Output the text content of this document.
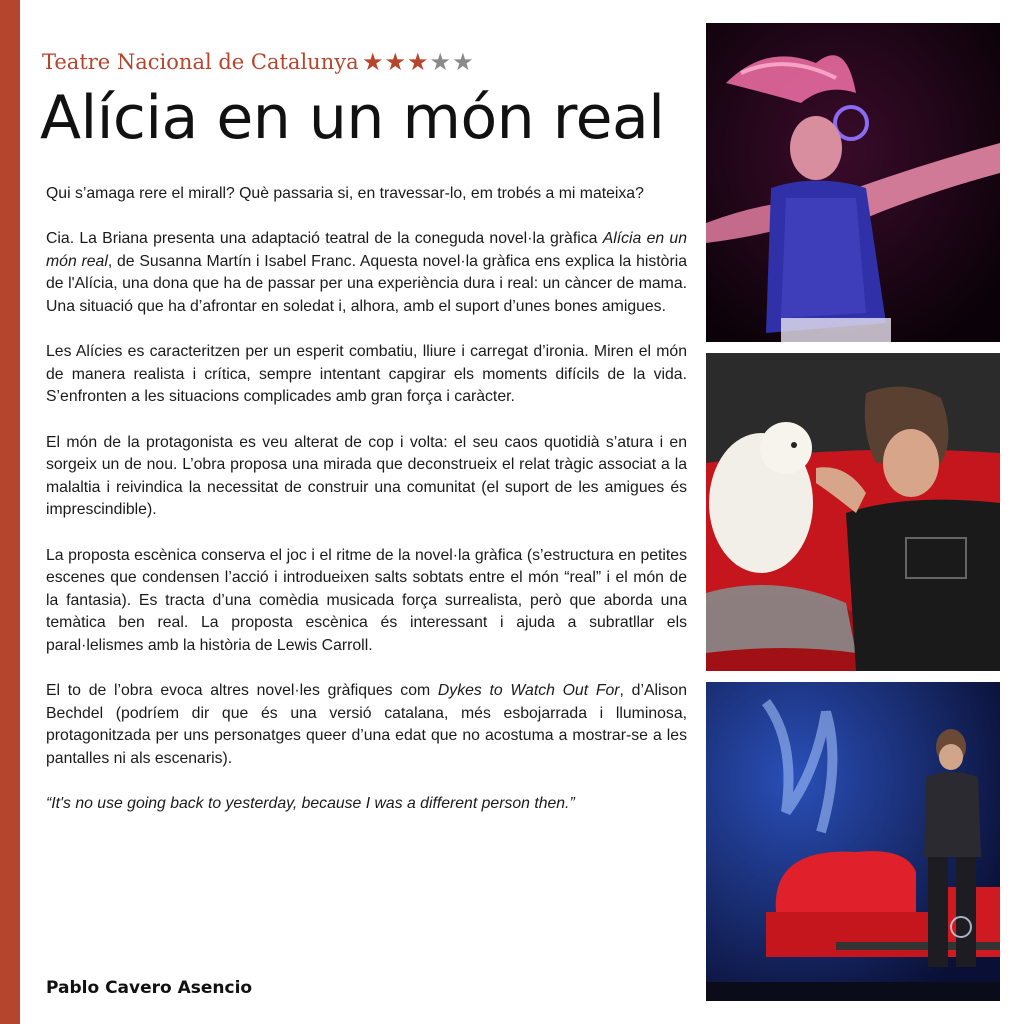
Teatre Nacional de Catalunya ★★★★★
Alícia en un món real

Qui s’amaga rere el mirall? Què passaria si, en travessar-lo, em trobés a mi mateixa?

Cia. La Briana presenta una adaptació teatral de la coneguda novel·la gràfica Alícia en un món real, de Susanna Martín i Isabel Franc. Aquesta novel·la gràfica ens explica la història de l'Alícia, una dona que ha de passar per una experiència dura i real: un càncer de mama. Una situació que ha d’afrontar en soledat i, alhora, amb el suport d’unes bones amigues.

Les Alícies es caracteritzen per un esperit combatiu, lliure i carregat d’ironia. Miren el món de manera realista i crítica, sempre intentant capgirar els moments difícils de la vida. S’enfronten a les situacions complicades amb gran força i caràcter.

El món de la protagonista es veu alterat de cop i volta: el seu caos quotidià s’atura i en sorgeix un de nou. L’obra proposa una mirada que deconstrueix el relat tràgic associat a la malaltia i reivindica la necessitat de construir una comunitat (el suport de les amigues és imprescindible).

La proposta escènica conserva el joc i el ritme de la novel·la gràfica (s’estructura en petites escenes que condensen l’acció i introdueixen salts sobtats entre el món “real” i el món de la fantasia). Es tracta d’una comèdia musicada força surrealista, però que aborda una temàtica ben real. La proposta escènica és interessant i ajuda a subratllar els paral·lelismes amb la història de Lewis Carroll.

El to de l’obra evoca altres novel·les gràfiques com Dykes to Watch Out For, d’Alison Bechdel (podríem dir que és una versió catalana, més esbojarrada i lluminosa, protagonitzada per uns personatges queer d’una edat que no acostuma a mostrar-se a les pantalles ni als escenaris).

“It's no use going back to yesterday, because I was a different person then.”

Pablo Cavero Asencio
